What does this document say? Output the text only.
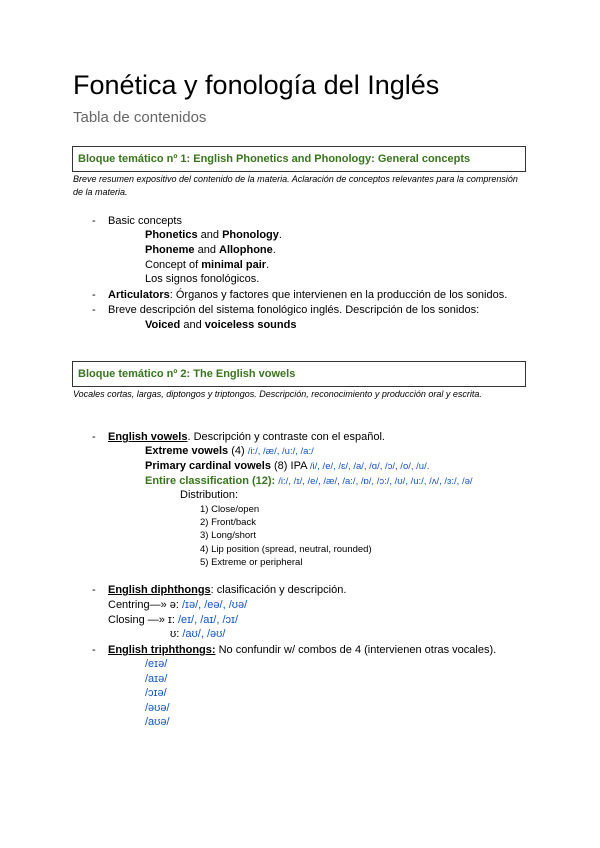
Fonética y fonología del Inglés
Tabla de contenidos
Bloque temático nº 1: English Phonetics and Phonology: General concepts
Breve resumen expositivo del contenido de la materia. Aclaración de conceptos relevantes para la comprensión de la materia.
- Basic concepts
Phonetics and Phonology.
Phoneme and Allophone.
Concept of minimal pair.
Los signos fonológicos.
- Articulators: Órganos y factores que intervienen en la producción de los sonidos.
- Breve descripción del sistema fonológico inglés. Descripción de los sonidos:
Voiced and voiceless sounds
Bloque temático nº 2: The English vowels
Vocales cortas, largas, diptongos y triptongos. Descripción, reconocimiento y producción oral y escrita.
- English vowels. Descripción y contraste con el español.
Extreme vowels (4) /i:/, /æ/, /u:/, /a:/
Primary cardinal vowels (8) IPA /i/, /e/, /ɛ/, /a/, /ɑ/, /ɔ/, /o/, /u/.
Entire classification (12): /i:/, /ɪ/, /e/, /æ/, /a:/, /ɒ/, /ɔ:/, /ʊ/, /u:/, /ʌ/, /ɜ:/, /ə/
Distribution:
1) Close/open
2) Front/back
3) Long/short
4) Lip position (spread, neutral, rounded)
5) Extreme or peripheral
- English diphthongs: clasificación y descripción.
Centring—» ə: /ɪə/, /eə/, /ʊə/
Closing —» ɪ: /eɪ/, /aɪ/, /ɔɪ/
ʊ: /aʊ/, /əʊ/
- English triphthongs: No confundir w/ combos de 4 (intervienen otras vocales).
/eɪə/
/aɪə/
/ɔɪə/
/əʊə/
/aʊə/
